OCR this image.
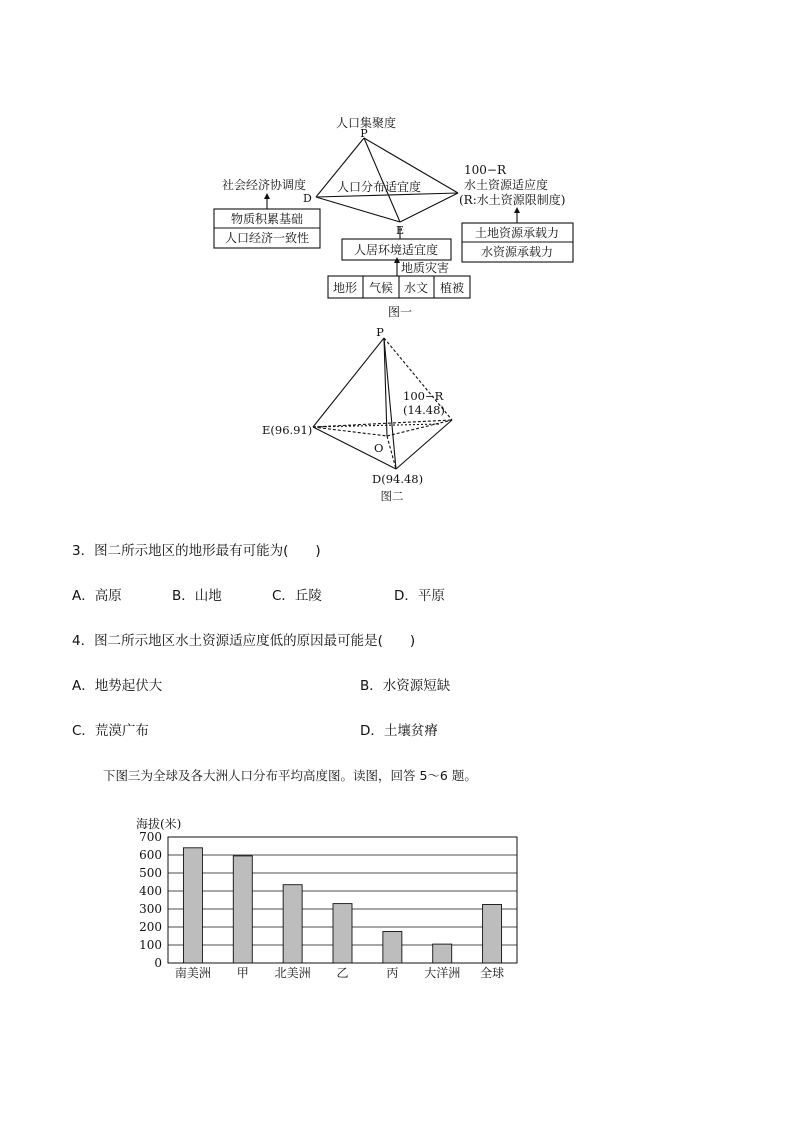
人口集聚度
P
D
E
人口分布适宜度
社会经济协调度
物质积累基础
人口经济一致性
100−R
水土资源适应度
(R:水土资源限制度)
土地资源承载力
水资源承载力
人居环境适宜度
地质灾害
地形 气候 水文 植被
图一
P
E(96.91)
100−R
(14.48)
O
D(94.48)
图二
3．图二所示地区的地形最有可能为(　　)
A．高原	B．山地	C．丘陵	D．平原
4．图二所示地区水土资源适应度低的原因最可能是(　　)
A．地势起伏大	B．水资源短缺
C．荒漠广布	D．土壤贫瘠
下图三为全球及各大洲人口分布平均高度图。读图，回答 5～6 题。
海拔(米)
0
100
200
300
400
500
600
700
南美洲 甲 北美洲 乙	丙 大洋洲 全球
